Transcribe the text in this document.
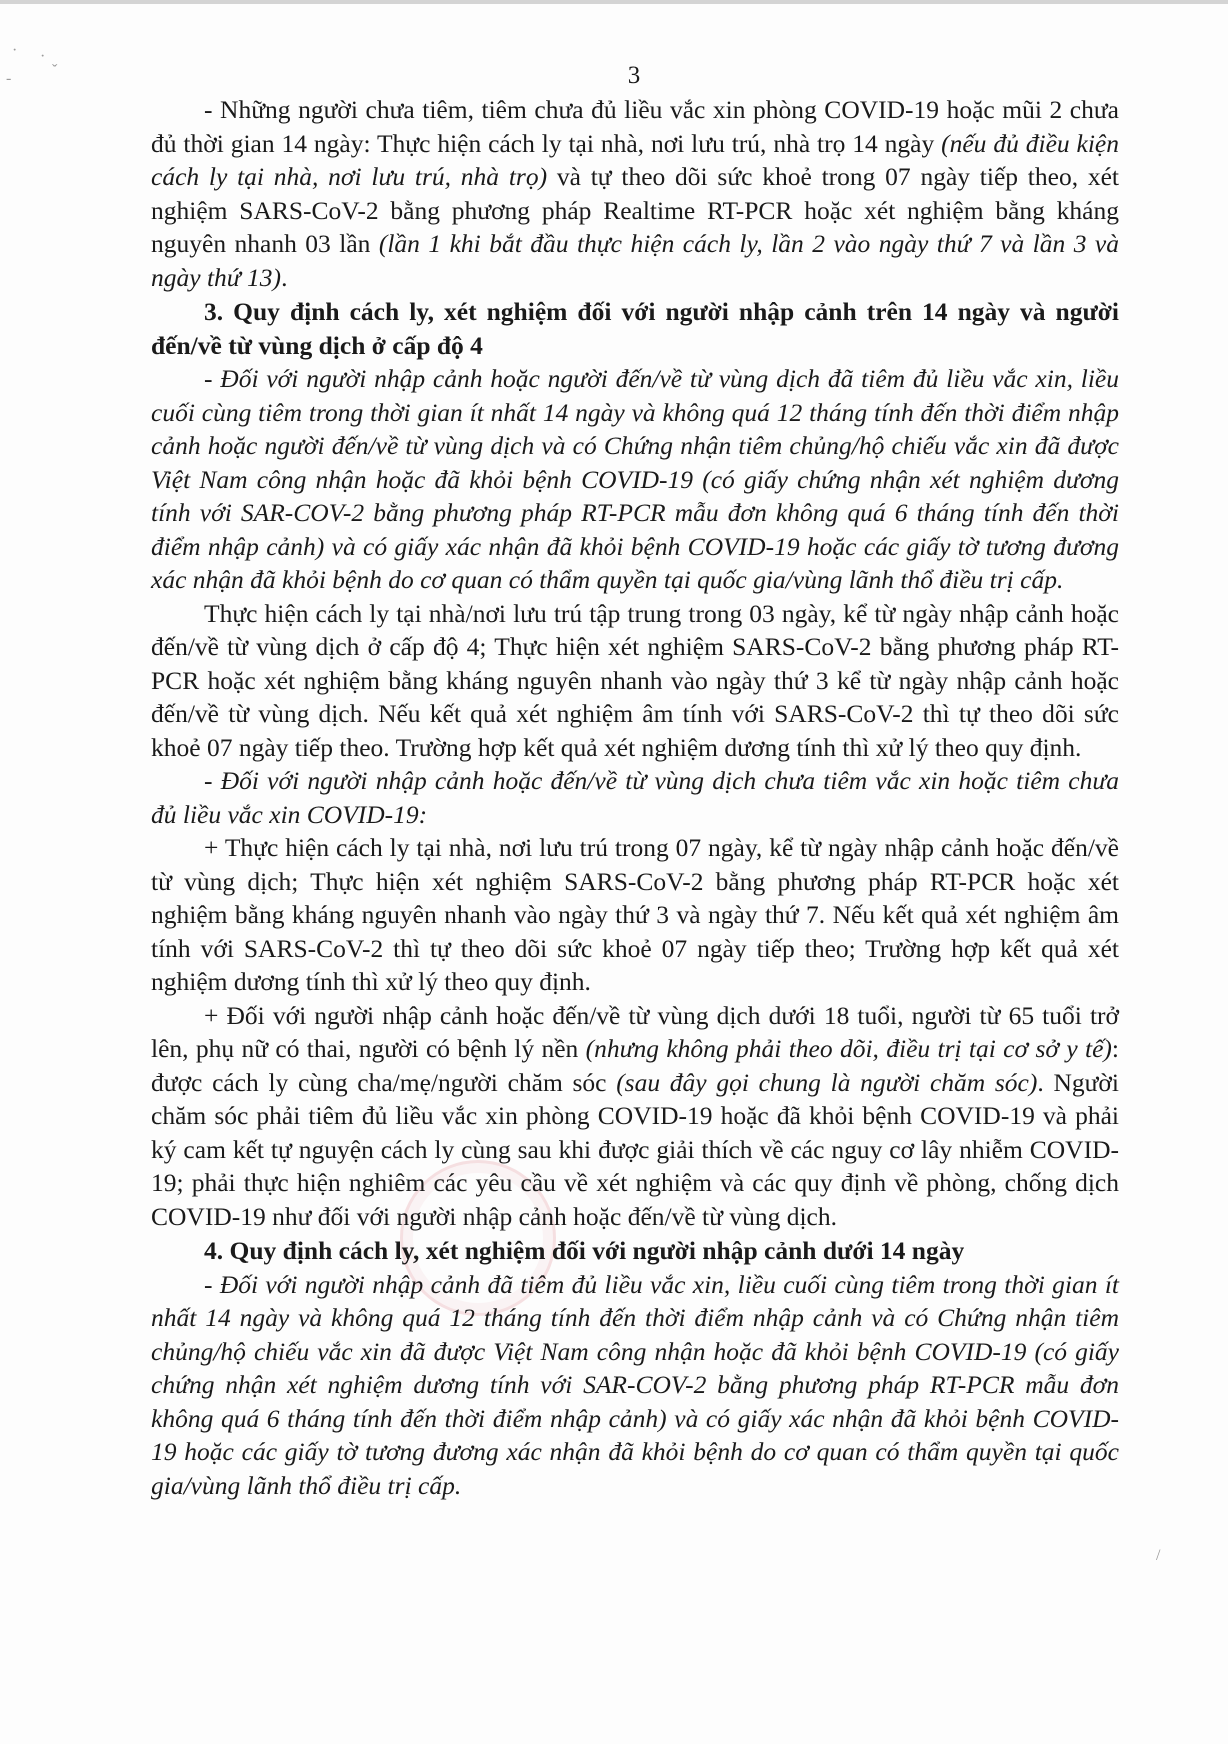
· ·
-	ˇ
/
3

- Những người chưa tiêm, tiêm chưa đủ liều vắc xin phòng COVID-19 hoặc mũi 2 chưa đủ thời gian 14 ngày: Thực hiện cách ly tại nhà, nơi lưu trú, nhà trọ 14 ngày (nếu đủ điều kiện cách ly tại nhà, nơi lưu trú, nhà trọ) và tự theo dõi sức khoẻ trong 07 ngày tiếp theo, xét nghiệm SARS-CoV-2 bằng phương pháp Realtime RT-PCR hoặc xét nghiệm bằng kháng nguyên nhanh 03 lần (lần 1 khi bắt đầu thực hiện cách ly, lần 2 vào ngày thứ 7 và lần 3 và ngày thứ 13).

3. Quy định cách ly, xét nghiệm đối với người nhập cảnh trên 14 ngày và người đến/về từ vùng dịch ở cấp độ 4

- Đối với người nhập cảnh hoặc người đến/về từ vùng dịch đã tiêm đủ liều vắc xin, liều cuối cùng tiêm trong thời gian ít nhất 14 ngày và không quá 12 tháng tính đến thời điểm nhập cảnh hoặc người đến/về từ vùng dịch và có Chứng nhận tiêm chủng/hộ chiếu vắc xin đã được Việt Nam công nhận hoặc đã khỏi bệnh COVID-19 (có giấy chứng nhận xét nghiệm dương tính với SAR-COV-2 bằng phương pháp RT-PCR mẫu đơn không quá 6 tháng tính đến thời điểm nhập cảnh) và có giấy xác nhận đã khỏi bệnh COVID-19 hoặc các giấy tờ tương đương xác nhận đã khỏi bệnh do cơ quan có thẩm quyền tại quốc gia/vùng lãnh thổ điều trị cấp.

Thực hiện cách ly tại nhà/nơi lưu trú tập trung trong 03 ngày, kể từ ngày nhập cảnh hoặc đến/về từ vùng dịch ở cấp độ 4; Thực hiện xét nghiệm SARS-CoV-2 bằng phương pháp RT-PCR hoặc xét nghiệm bằng kháng nguyên nhanh vào ngày thứ 3 kể từ ngày nhập cảnh hoặc đến/về từ vùng dịch. Nếu kết quả xét nghiệm âm tính với SARS-CoV-2 thì tự theo dõi sức khoẻ 07 ngày tiếp theo. Trường hợp kết quả xét nghiệm dương tính thì xử lý theo quy định.

- Đối với người nhập cảnh hoặc đến/về từ vùng dịch chưa tiêm vắc xin hoặc tiêm chưa đủ liều vắc xin COVID-19:

+ Thực hiện cách ly tại nhà, nơi lưu trú trong 07 ngày, kể từ ngày nhập cảnh hoặc đến/về từ vùng dịch; Thực hiện xét nghiệm SARS-CoV-2 bằng phương pháp RT-PCR hoặc xét nghiệm bằng kháng nguyên nhanh vào ngày thứ 3 và ngày thứ 7. Nếu kết quả xét nghiệm âm tính với SARS-CoV-2 thì tự theo dõi sức khoẻ 07 ngày tiếp theo; Trường hợp kết quả xét nghiệm dương tính thì xử lý theo quy định.

+ Đối với người nhập cảnh hoặc đến/về từ vùng dịch dưới 18 tuổi, người từ 65 tuổi trở lên, phụ nữ có thai, người có bệnh lý nền (nhưng không phải theo dõi, điều trị tại cơ sở y tế): được cách ly cùng cha/mẹ/người chăm sóc (sau đây gọi chung là người chăm sóc). Người chăm sóc phải tiêm đủ liều vắc xin phòng COVID-19 hoặc đã khỏi bệnh COVID-19 và phải ký cam kết tự nguyện cách ly cùng sau khi được giải thích về các nguy cơ lây nhiễm COVID-19; phải thực hiện nghiêm các yêu cầu về xét nghiệm và các quy định về phòng, chống dịch COVID-19 như đối với người nhập cảnh hoặc đến/về từ vùng dịch.

4. Quy định cách ly, xét nghiệm đối với người nhập cảnh dưới 14 ngày

- Đối với người nhập cảnh đã tiêm đủ liều vắc xin, liều cuối cùng tiêm trong thời gian ít nhất 14 ngày và không quá 12 tháng tính đến thời điểm nhập cảnh và có Chứng nhận tiêm chủng/hộ chiếu vắc xin đã được Việt Nam công nhận hoặc đã khỏi bệnh COVID-19 (có giấy chứng nhận xét nghiệm dương tính với SAR-COV-2 bằng phương pháp RT-PCR mẫu đơn không quá 6 tháng tính đến thời điểm nhập cảnh) và có giấy xác nhận đã khỏi bệnh COVID-19 hoặc các giấy tờ tương đương xác nhận đã khỏi bệnh do cơ quan có thẩm quyền tại quốc gia/vùng lãnh thổ điều trị cấp.
